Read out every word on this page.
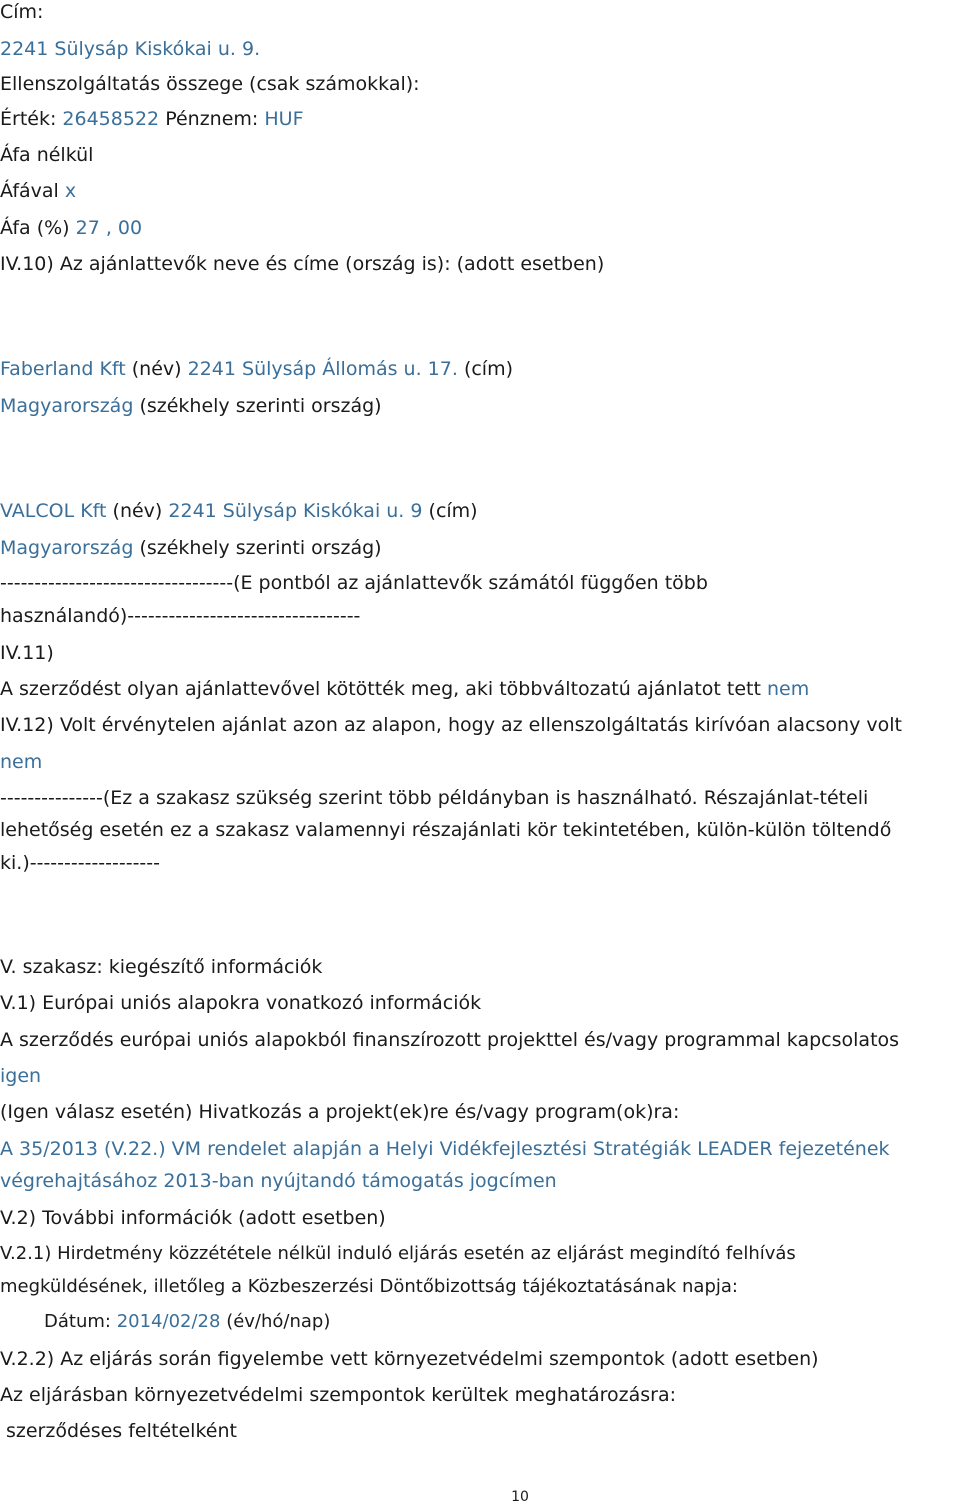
Cím:
2241 Sülysáp Kiskókai u. 9.
Ellenszolgáltatás összege (csak számokkal):
Érték: 26458522 Pénznem: HUF
Áfa nélkül
Áfával x
Áfa (%) 27 , 00
IV.10) Az ajánlattevők neve és címe (ország is): (adott esetben)
Faberland Kft (név) 2241 Sülysáp Állomás u. 17. (cím)
Magyarország (székhely szerinti ország)
VALCOL Kft (név) 2241 Sülysáp Kiskókai u. 9 (cím)
Magyarország (székhely szerinti ország)
----------------------------------(E pontból az ajánlattevők számától függően több
használandó)----------------------------------
IV.11)
A szerződést olyan ajánlattevővel kötötték meg, aki többváltozatú ajánlatot tett nem
IV.12) Volt érvénytelen ajánlat azon az alapon, hogy az ellenszolgáltatás kirívóan alacsony volt
nem
---------------(Ez a szakasz szükség szerint több példányban is használható. Részajánlat-tételi
lehetőség esetén ez a szakasz valamennyi részajánlati kör tekintetében, külön-külön töltendő
ki.)-------------------
V. szakasz: kiegészítő információk
V.1) Európai uniós alapokra vonatkozó információk
A szerződés európai uniós alapokból finanszírozott projekttel és/vagy programmal kapcsolatos
igen
(Igen válasz esetén) Hivatkozás a projekt(ek)re és/vagy program(ok)ra:
A 35/2013 (V.22.) VM rendelet alapján a Helyi Vidékfejlesztési Stratégiák LEADER fejezetének
végrehajtásához 2013-ban nyújtandó támogatás jogcímen
V.2) További információk (adott esetben)
V.2.1) Hirdetmény közzététele nélkül induló eljárás esetén az eljárást megindító felhívás
megküldésének, illetőleg a Közbeszerzési Döntőbizottság tájékoztatásának napja:
Dátum: 2014/02/28 (év/hó/nap)
V.2.2) Az eljárás során figyelembe vett környezetvédelmi szempontok (adott esetben)
Az eljárásban környezetvédelmi szempontok kerültek meghatározásra:
szerződéses feltételként
10
